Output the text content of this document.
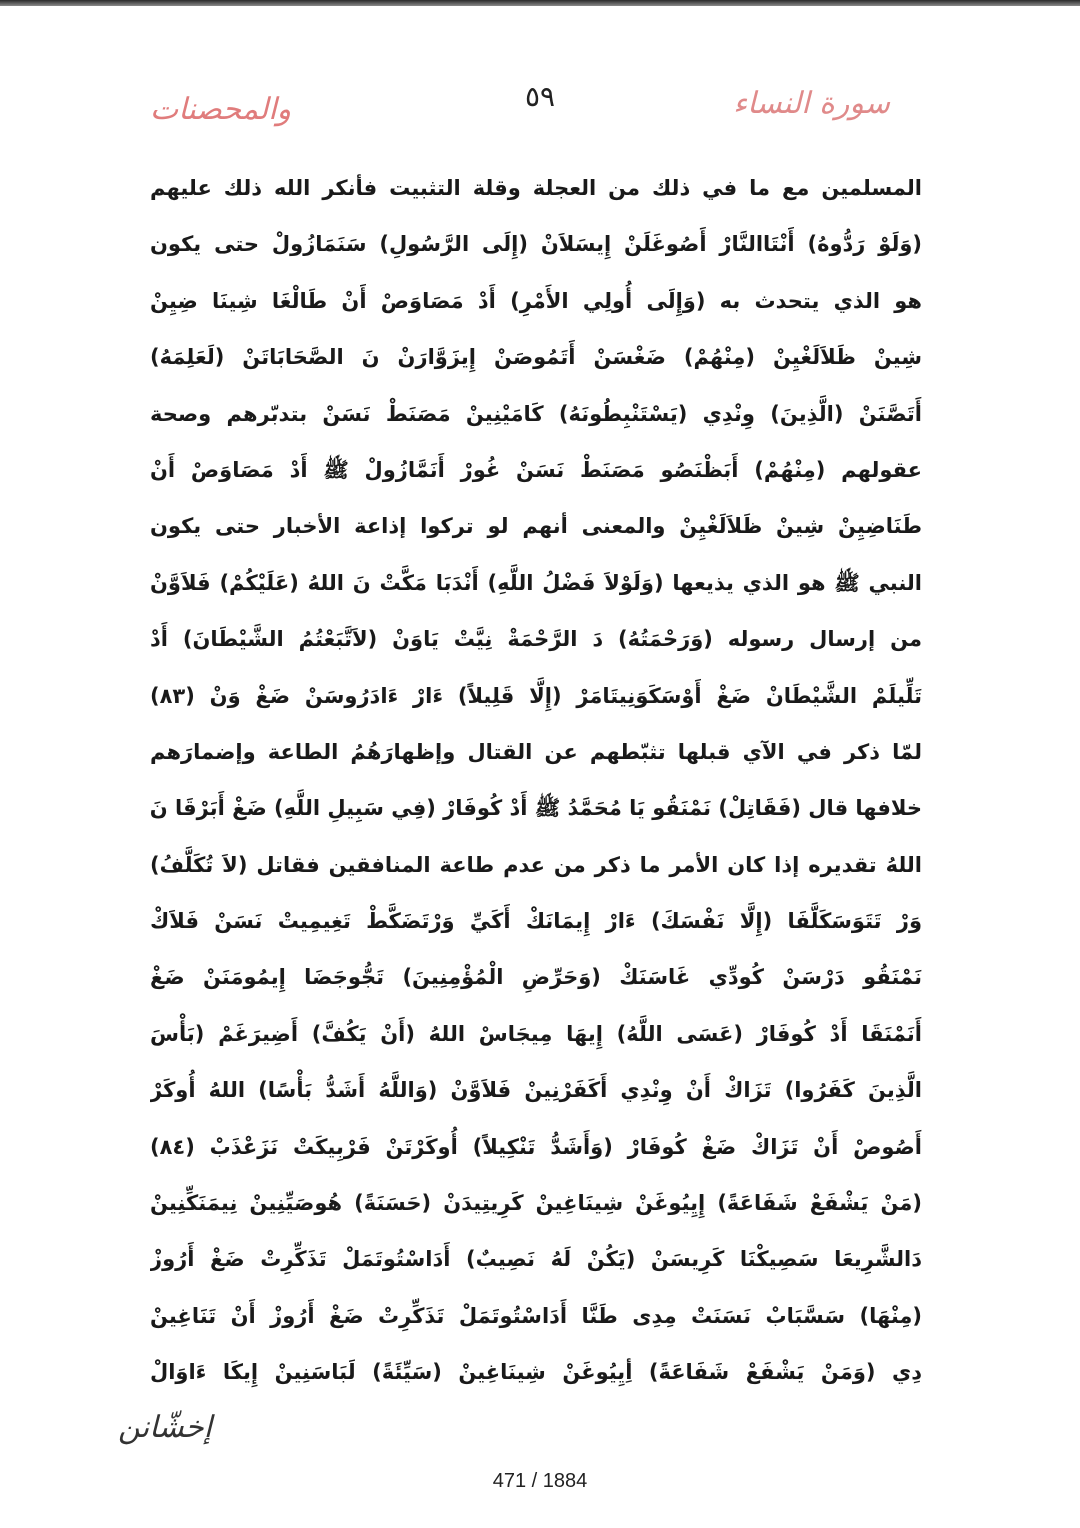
سورة النساء
٥٩
والمحصنات
المسلمين مع ما في ذلك من العجلة وقلة التثبيت فأنكر الله ذلك عليهم
(وَلَوْ رَدُّوهُ) أَنْتَاالنَّارْ أَصُوغَلَنْ إِيسَلاَنْ (إِلَى الرَّسُولِ) سَنَمَازُولْ حتى يكون
هو الذي يتحدث به (وَإِلَى أُولِي الأَمْرِ) أَدْ مَصَاوَصْ أَنْ طَالْغَا شِينَا ضِيِنْ
شِينْ ظَلاَلَغْيِنْ (مِنْهُمْ) ضَغْسَنْ أَتَمُوصَنْ إِيزَوَّارَنْ نَ الصَّحَابَاتَنْ (لَعَلِمَهُ)
أَتَصَّنَنْ (الَّذِينَ) وِنْدِي (يَسْتَنْبِطُونَهُ) كَامَيْنِينْ مَصَنَطْ نَسَنْ بتدبّرهم وصحة
عقولهم (مِنْهُمْ) أَبَظْنَصُو مَصَنَطْ نَسَنْ غُورْ أَنَمَّازُولْ ﷺ أَدْ مَصَاوَصْ أَنْ
طَنَاضِيِنْ شِينْ ظَلاَلَغْيِنْ والمعنى أنهم لو تركوا إذاعة الأخبار حتى يكون
النبي ﷺ هو الذي يذيعها (وَلَوْلاَ فَضْلُ اللَّهِ) أَنْدَبَا مَكَّتْ نَ اللهُ (عَلَيْكُمْ) فَلاَوَّنْ
من إرسال رسوله (وَرَحْمَتُهُ) دَ الرَّحْمَةْ نِيَّتْ يَاوَنْ (لاَتَّبَعْتُمُ الشَّيْطَانَ) أَدْ
تَلِّيلَمْ الشَّيْطَانْ ضَغْ أَوْسَكَوَنِيتَامَرْ (إِلَّا قَلِيلاً) ءَارْ ءَادَرُوسَنْ ضَغْ وَنْ (٨٣)
لمّا ذكر في الآي قبلها تثبّطهم عن القتال وإظهارَهُمُ الطاعة وإضمارَهم
خلافها قال (فَقَاتِلْ) نَمْنَقُو يَا مُحَمَّدُ ﷺ أَدْ كُوفَارْ (فِي سَبِيلِ اللَّهِ) ضَغْ أَبَرْقَا نَ
اللهُ تقديره إذا كان الأمر ما ذكر من عدم طاعة المنافقين فقاتل (لاَ تُكَلَّفُ)
وَرْ تَتَوَسَكَلَّفَا (إِلَّا نَفْسَكَ) ءَارْ إِيمَانَكْ أَكَيِّ وَرْتَضَكَّطْ تَغِيمِيتْ نَسَنْ فَلاَكْ
نَمْنَقُو دَرْسَنْ كُودِّي غَاسَنَكْ (وَحَرِّضِ الْمُؤْمِنِينَ) تَجُّوجَضَا إِيمُومَنَنْ ضَغْ
أَنَمْنَقَا أَدْ كُوفَارْ (عَسَى اللَّهُ) إِيهَا مِيجَاسْ اللهُ (أَنْ يَكُفَّ) أَضِيرَغَمْ (بَأْسَ
الَّذِينَ كَفَرُوا) تَزَاكْ أَنْ وِنْدِي أَكَفَرْنِينْ فَلاَوَّنْ (وَاللَّهُ أَشَدُّ بَأْسًا) اللهُ أُوكَرْ
أَصُوصْ أَنْ تَزَاكْ ضَغْ كُوفَارْ (وَأَشَدُّ تَنْكِيلاً) أُوكَرْتَنْ فَرْبِيكَتْ نَزَعْذَبْ (٨٤)
(مَنْ يَشْفَعْ شَفَاعَةً) إِيِيُوغَنْ شِينَاغِينْ كَرِيتِيدَنْ (حَسَنَةً) هُوصَيِّنِينْ نِيمَنَكِّنِينْ
دَالشَّرِيعَا سَصِيكْنَا كَرِيسَنْ (يَكُنْ لَهُ نَصِيبٌ) أَدَاسْتُوتَمَلْ تَذَكِّرِتْ ضَغْ أَرُوزْ
(مِنْهَا) سَسَّبَابْ نَسَنَتْ مِدِى طَنَّا أَدَاسْتُوتَمَلْ تَذَكِّرِتْ ضَغْ أَرُوزْ أَنْ تَنَاغِينْ
دِي (وَمَنْ يَشْفَعْ شَفَاعَةً) أِيِيُوغَنْ شِينَاغِينْ (سَيِّئَةً) لَبَاسَنِينْ إِيكَا ءَاوَالْ
إخشّانن
471 / 1884
